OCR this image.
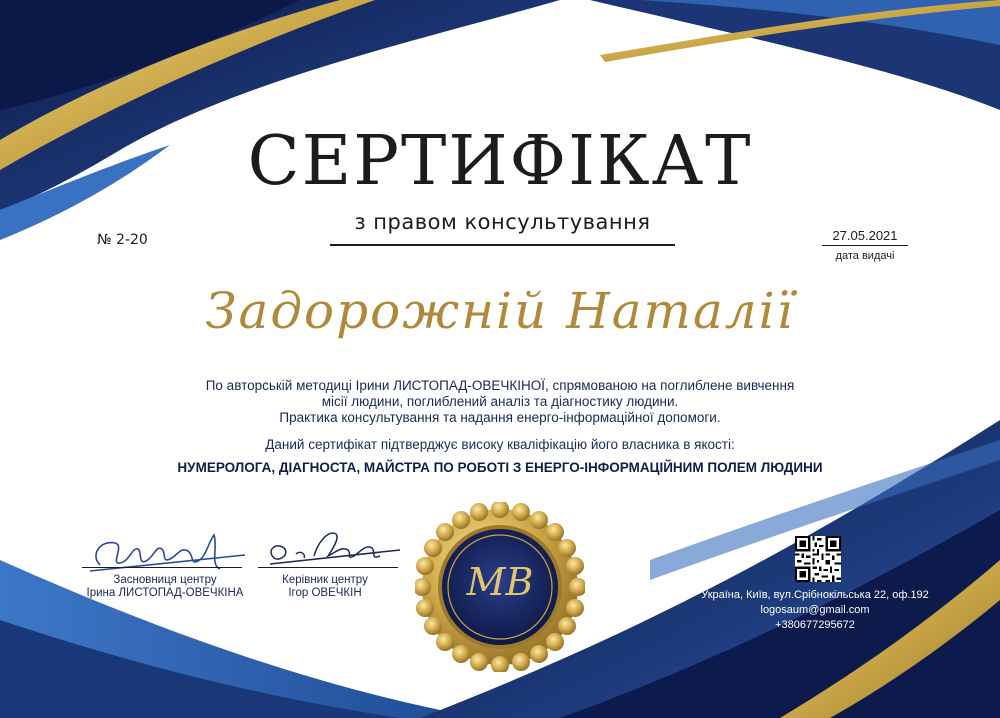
СЕРТИФІКАТ
з правом консультування
№ 2-20	27.05.2021
дата видачі
Задорожній Наталії

По авторській методиці Ірини ЛИСТОПАД-ОВЕЧКІНОЇ, спрямованою на поглиблене вивчення

місії людини, поглиблений аналіз та діагностику людини.

Практика консультування та надання енерго-інформаційної допомоги.

Даний сертифікат підтверджує високу кваліфікацію його власника в якості:
НУМЕРОЛОГА, ДІАГНОСТА, МАЙСТРА ПО РОБОТІ З ЕНЕРГО-ІНФОРМАЦІЙНИМ ПОЛЕМ ЛЮДИНИ
Засновниця центру
Ірина ЛИСТОПАД-ОВЕЧКІНА
Керівник центру
Ігор ОВЕЧКІН	МВ	Україна, Київ, вул.Срібнокільська 22, оф.192
logosaum@gmail.com
+380677295672
